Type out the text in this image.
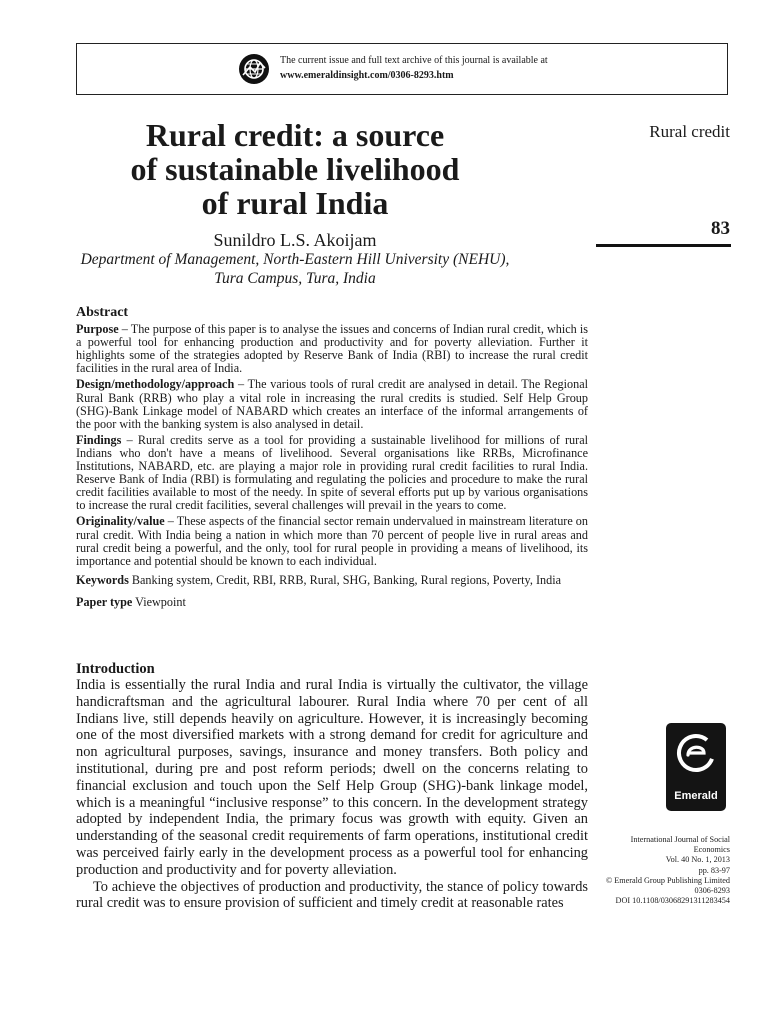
The current issue and full text archive of this journal is available at
www.emeraldinsight.com/0306-8293.htm
Rural credit: a source
of sustainable livelihood
of rural India
Sunildro L.S. Akoijam
Department of Management, North-Eastern Hill University (NEHU),
Tura Campus, Tura, India
Rural credit
83
Abstract

Purpose – The purpose of this paper is to analyse the issues and concerns of Indian rural credit, which is a powerful tool for enhancing production and productivity and for poverty alleviation. Further it highlights some of the strategies adopted by Reserve Bank of India (RBI) to increase the rural credit facilities in the rural area of India.

Design/methodology/approach – The various tools of rural credit are analysed in detail. The Regional Rural Bank (RRB) who play a vital role in increasing the rural credits is studied. Self Help Group (SHG)-Bank Linkage model of NABARD which creates an interface of the informal arrangements of the poor with the banking system is also analysed in detail.

Findings – Rural credits serve as a tool for providing a sustainable livelihood for millions of rural Indians who don't have a means of livelihood. Several organisations like RRBs, Microfinance Institutions, NABARD, etc. are playing a major role in providing rural credit facilities to rural India. Reserve Bank of India (RBI) is formulating and regulating the policies and procedure to make the rural credit facilities available to most of the needy. In spite of several efforts put up by various organisations to increase the rural credit facilities, several challenges will prevail in the years to come.

Originality/value – These aspects of the financial sector remain undervalued in mainstream literature on rural credit. With India being a nation in which more than 70 percent of people live in rural areas and rural credit being a powerful, and the only, tool for rural people in providing a means of livelihood, its importance and potential should be known to each individual.

Keywords Banking system, Credit, RBI, RRB, Rural, SHG, Banking, Rural regions, Poverty, India

Paper type Viewpoint

Introduction

India is essentially the rural India and rural India is virtually the cultivator, the village handicraftsman and the agricultural labourer. Rural India where 70 per cent of all Indians live, still depends heavily on agriculture. However, it is increasingly becoming one of the most diversified markets with a strong demand for credit for agriculture and non agricultural purposes, savings, insurance and money transfers. Both policy and institutional, during pre and post reform periods; dwell on the concerns relating to financial exclusion and touch upon the Self Help Group (SHG)-bank linkage model, which is a meaningful “inclusive response” to this concern. In the development strategy adopted by independent India, the primary focus was growth with equity. Given an understanding of the seasonal credit requirements of farm operations, institutional credit was perceived fairly early in the development process as a powerful tool for enhancing production and productivity and for poverty alleviation.

To achieve the objectives of production and productivity, the stance of policy towards rural credit was to ensure provision of sufficient and timely credit at reasonable rates

Emerald
International Journal of Social
Economics
Vol. 40 No. 1, 2013
pp. 83-97
© Emerald Group Publishing Limited
0306-8293
DOI 10.1108/03068291311283454
